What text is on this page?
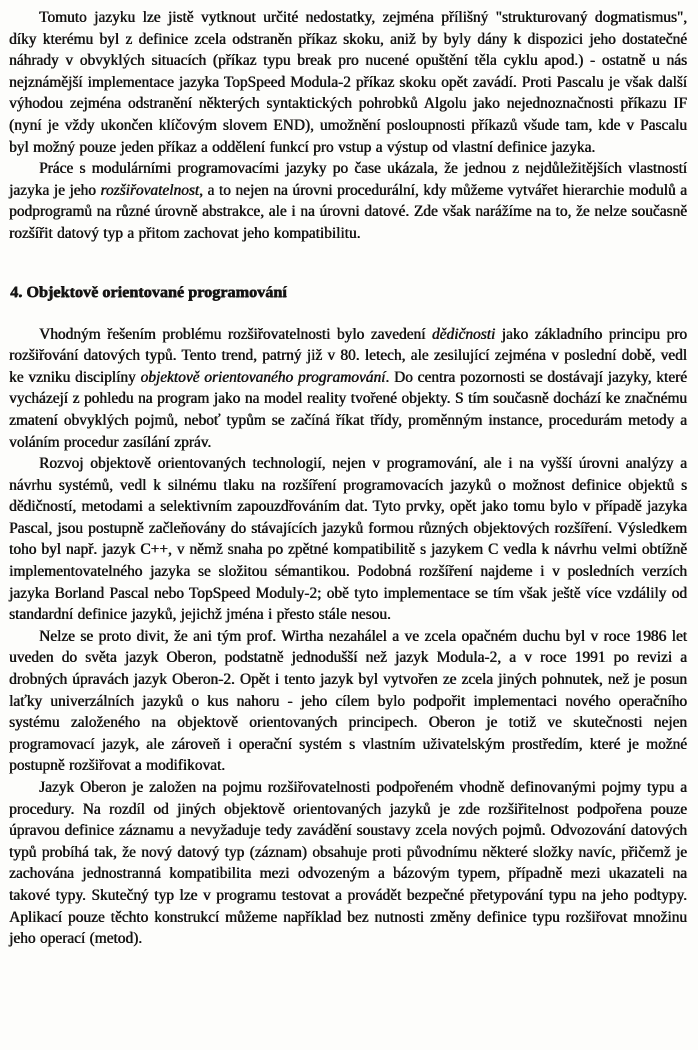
Tomuto jazyku lze jistě vytknout určité nedostatky, zejména přílišný "strukturovaný dogmatismus", díky kterému byl z definice zcela odstraněn příkaz skoku, aniž by byly dány k dispozici jeho dostatečné náhrady v obvyklých situacích (příkaz typu break pro nucené opuštění těla cyklu apod.) - ostatně u nás nejznámější implementace jazyka TopSpeed Modula-2 příkaz skoku opět zavádí. Proti Pascalu je však další výhodou zejména odstranění některých syntaktických pohrobků Algolu jako nejednoznačnosti příkazu IF (nyní je vždy ukončen klíčovým slovem END), umožnění posloupnosti příkazů všude tam, kde v Pascalu byl možný pouze jeden příkaz a oddělení funkcí pro vstup a výstup od vlastní definice jazyka.

Práce s modulárními programovacími jazyky po čase ukázala, že jednou z nejdůležitějších vlastností jazyka je jeho rozšiřovatelnost, a to nejen na úrovni procedurální, kdy můžeme vytvářet hierarchie modulů a podprogramů na různé úrovně abstrakce, ale i na úrovni datové. Zde však narážíme na to, že nelze současně rozšířit datový typ a přitom zachovat jeho kompatibilitu.

4. Objektově orientované programování

Vhodným řešením problému rozšiřovatelnosti bylo zavedení dědičnosti jako základního principu pro rozšiřování datových typů. Tento trend, patrný již v 80. letech, ale zesilující zejména v poslední době, vedl ke vzniku disciplíny objektově orientovaného programování. Do centra pozornosti se dostávají jazyky, které vycházejí z pohledu na program jako na model reality tvořené objekty. S tím současně dochází ke značnému zmatení obvyklých pojmů, neboť typům se začíná říkat třídy, proměnným instance, procedurám metody a voláním procedur zasílání zpráv.

Rozvoj objektově orientovaných technologií, nejen v programování, ale i na vyšší úrovni analýzy a návrhu systémů, vedl k silnému tlaku na rozšíření programovacích jazyků o možnost definice objektů s dědičností, metodami a selektivním zapouzdřováním dat. Tyto prvky, opět jako tomu bylo v případě jazyka Pascal, jsou postupně začleňovány do stávajících jazyků formou různých objektových rozšíření. Výsledkem toho byl např. jazyk C++, v němž snaha po zpětné kompatibilitě s jazykem C vedla k návrhu velmi obtížně implementovatelného jazyka se složitou sémantikou. Podobná rozšíření najdeme i v posledních verzích jazyka Borland Pascal nebo TopSpeed Moduly-2; obě tyto implementace se tím však ještě více vzdálily od standardní definice jazyků, jejichž jména i přesto stále nesou.

Nelze se proto divit, že ani tým prof. Wirtha nezahálel a ve zcela opačném duchu byl v roce 1986 let uveden do světa jazyk Oberon, podstatně jednodušší než jazyk Modula-2, a v roce 1991 po revizi a drobných úpravách jazyk Oberon-2. Opět i tento jazyk byl vytvořen ze zcela jiných pohnutek, než je posun laťky univerzálních jazyků o kus nahoru - jeho cílem bylo podpořit implementaci nového operačního systému založeného na objektově orientovaných principech. Oberon je totiž ve skutečnosti nejen programovací jazyk, ale zároveň i operační systém s vlastním uživatelským prostředím, které je možné postupně rozšiřovat a modifikovat.

Jazyk Oberon je založen na pojmu rozšiřovatelnosti podpořeném vhodně definovanými pojmy typu a procedury. Na rozdíl od jiných objektově orientovaných jazyků je zde rozšiřitelnost podpořena pouze úpravou definice záznamu a nevyžaduje tedy zavádění soustavy zcela nových pojmů. Odvozování datových typů probíhá tak, že nový datový typ (záznam) obsahuje proti původnímu některé složky navíc, přičemž je zachována jednostranná kompatibilita mezi odvozeným a bázovým typem, případně mezi ukazateli na takové typy. Skutečný typ lze v programu testovat a provádět bezpečné přetypování typu na jeho podtypy. Aplikací pouze těchto konstrukcí můžeme například bez nutnosti změny definice typu rozšiřovat množinu jeho operací (metod).
